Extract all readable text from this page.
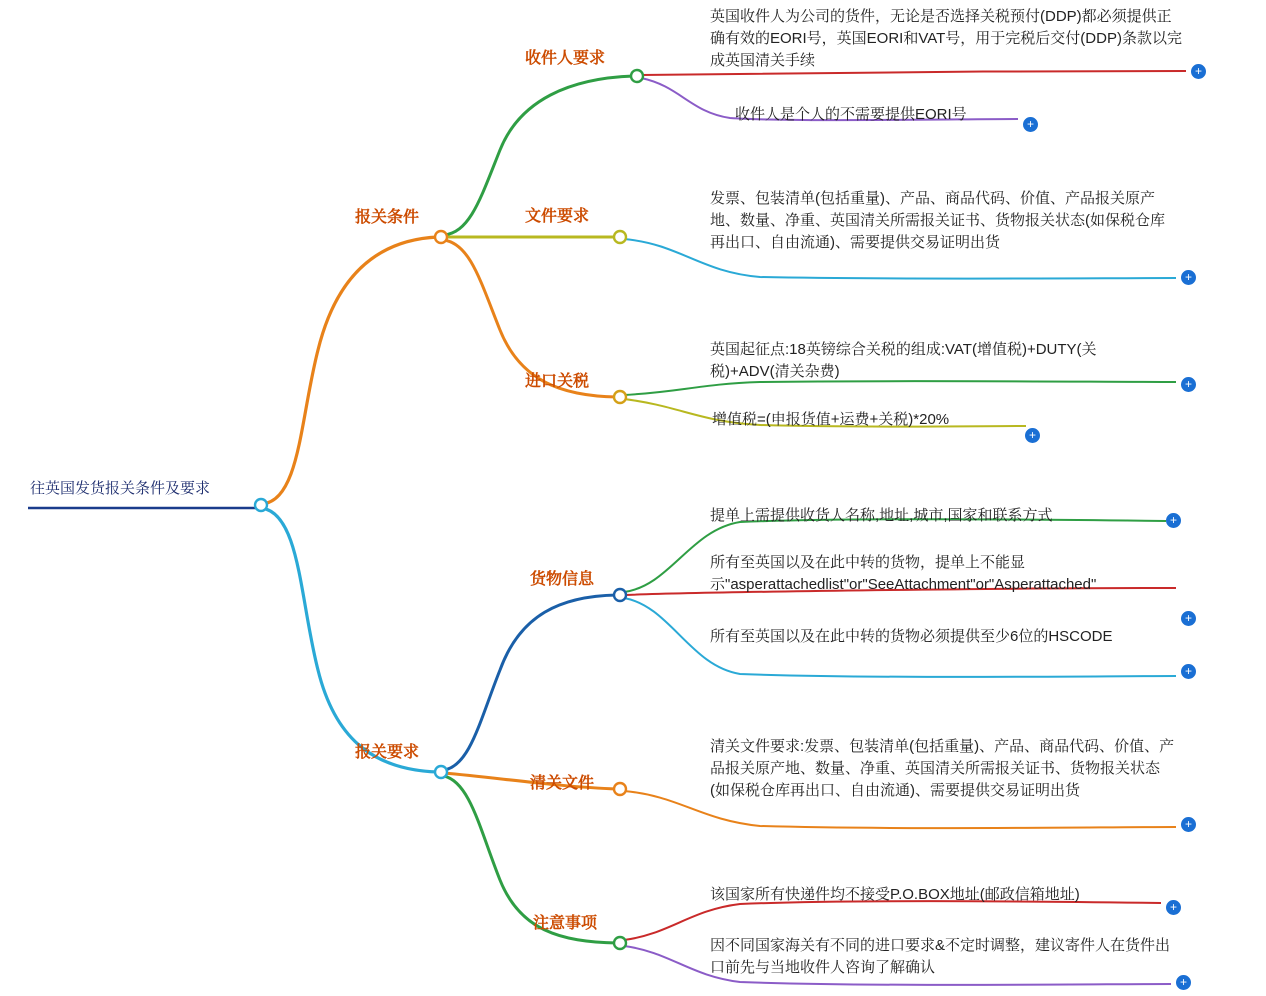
往英国发货报关条件及要求
报关条件
收件人要求
英国收件人为公司的货件，无论是否选择关税预付(DDP)都必须提供正确有效的EORI号，英国EORI和VAT号，用于完税后交付(DDP)条款以完成英国清关手续
+
收件人是个人的不需要提供EORI号
+
文件要求
发票、包装清单(包括重量)、产品、商品代码、价值、产品报关原产地、数量、净重、英国清关所需报关证书、货物报关状态(如保税仓库再出口、自由流通)、需要提供交易证明出货
+
进口关税
英国起征点:18英镑综合关税的组成:VAT(增值税)+DUTY(关税)+ADV(清关杂费)
+
增值税=(申报货值+运费+关税)*20%
+
报关要求
货物信息
提单上需提供收货人名称,地址,城市,国家和联系方式	+
所有至英国以及在此中转的货物，提单上不能显示"asperattachedlist"or"SeeAttachment"or"Asperattached"
+
所有至英国以及在此中转的货物必须提供至少6位的HSCODE
+
清关文件
清关文件要求:发票、包装清单(包括重量)、产品、商品代码、价值、产品报关原产地、数量、净重、英国清关所需报关证书、货物报关状态(如保税仓库再出口、自由流通)、需要提供交易证明出货
+
注意事项
该国家所有快递件均不接受P.O.BOX地址(邮政信箱地址)
+
因不同国家海关有不同的进口要求&不定时调整，建议寄件人在货件出口前先与当地收件人咨询了解确认
+
